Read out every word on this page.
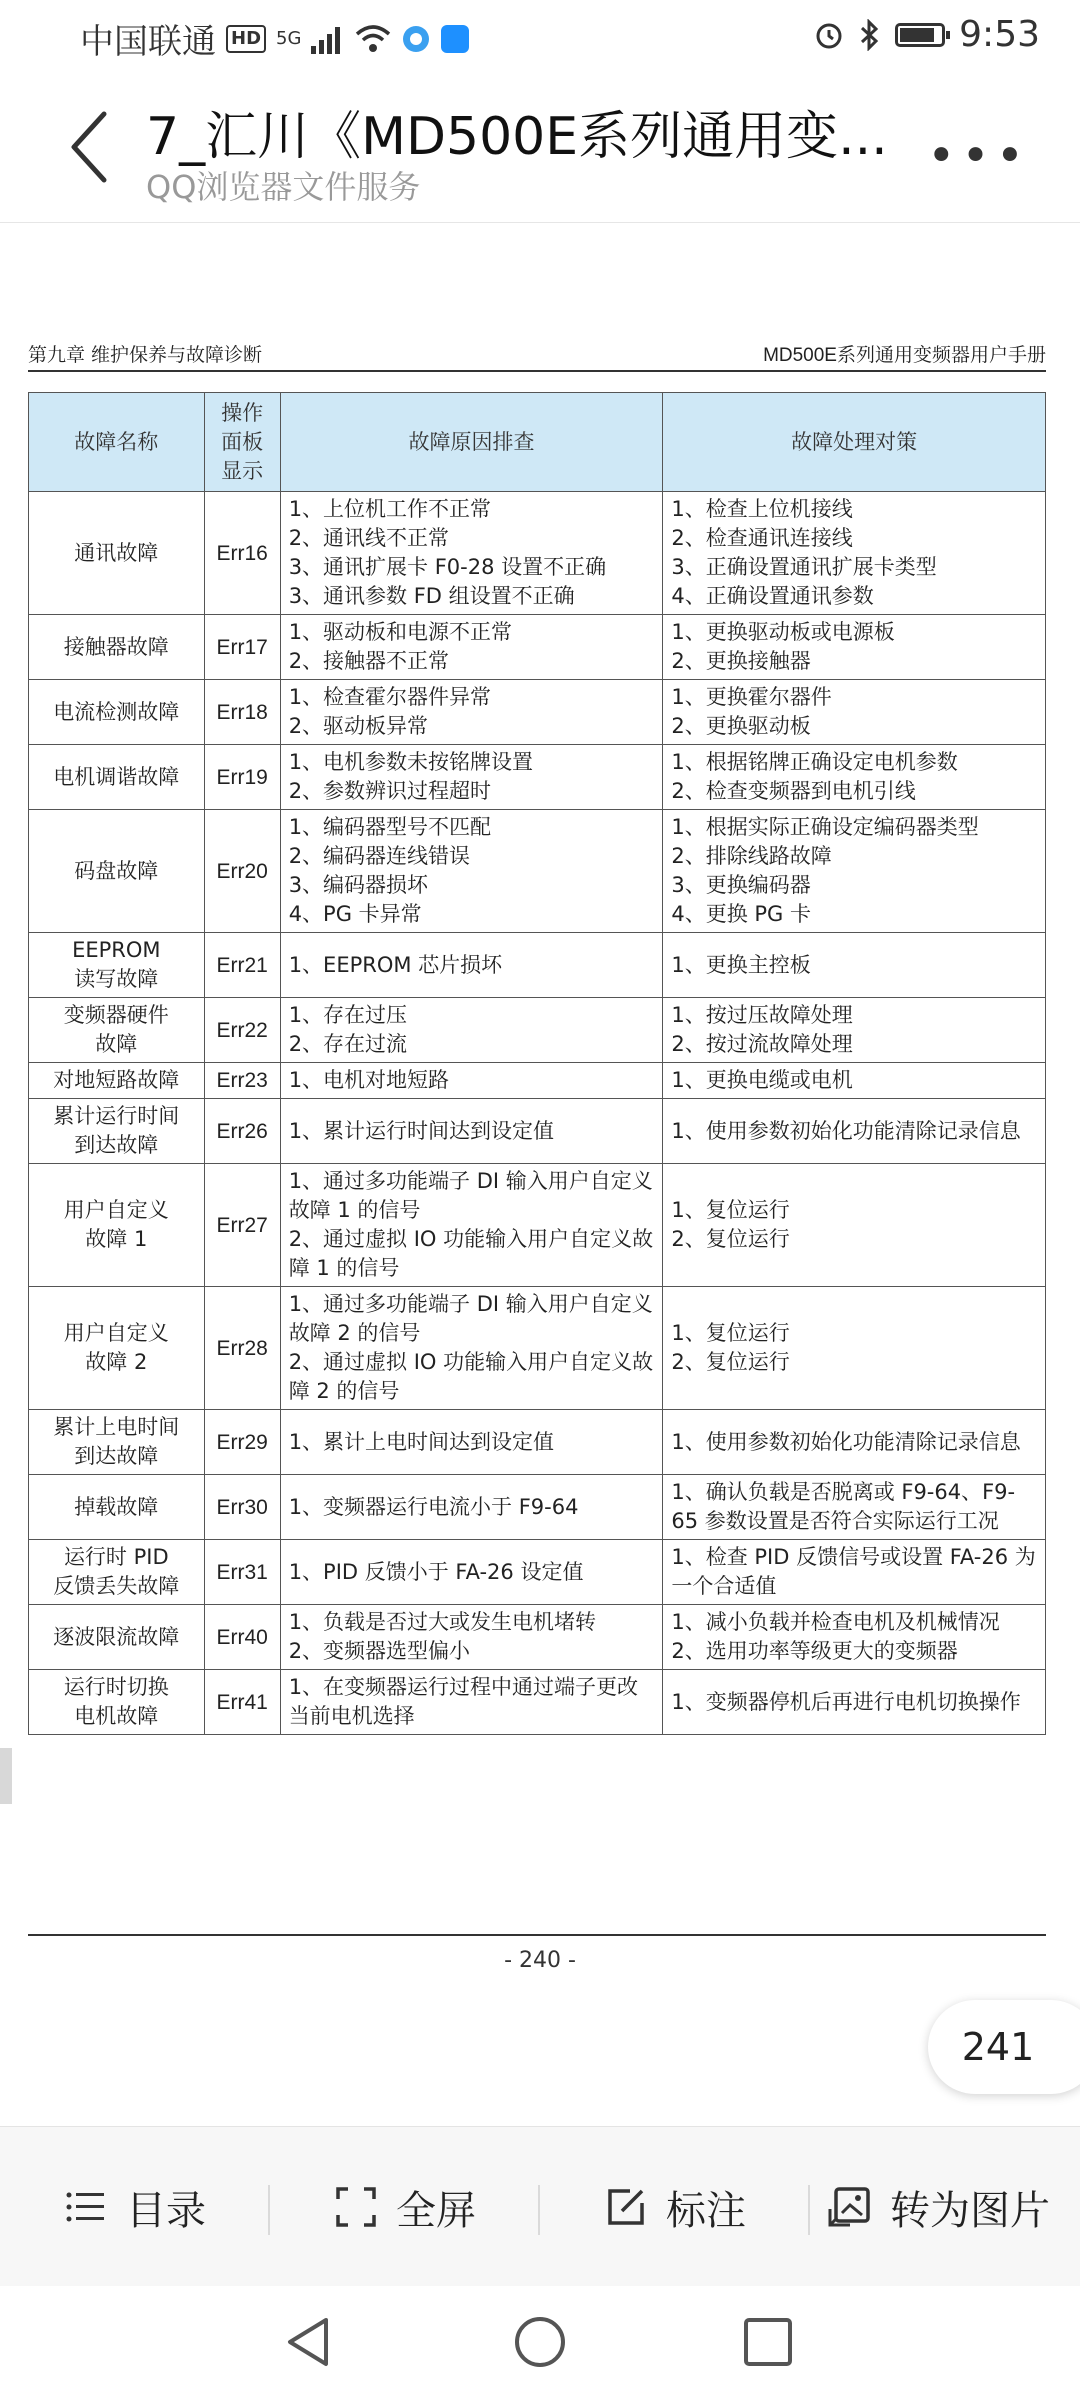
中国联通 HD 5G	9:53
7_汇川《MD500E系列通用变...
QQ浏览器文件服务
•••
第九章 维护保养与故障诊断	MD500E系列通用变频器用户手册
故障名称	操作
面板
显示	故障原因排查	故障处理对策

通讯故障	Err16	1、上位机工作不正常
2、通讯线不正常
3、通讯扩展卡 F0-28 设置不正确
3、通讯参数 FD 组设置不正确	1、检查上位机接线
2、检查通讯连接线
3、正确设置通讯扩展卡类型
4、正确设置通讯参数

接触器故障	Err17	1、驱动板和电源不正常
2、接触器不正常	1、更换驱动板或电源板
2、更换接触器

电流检测故障	Err18	1、检查霍尔器件异常
2、驱动板异常	1、更换霍尔器件
2、更换驱动板

电机调谐故障	Err19	1、电机参数未按铭牌设置
2、参数辨识过程超时	1、根据铭牌正确设定电机参数
2、检查变频器到电机引线

码盘故障	Err20	1、编码器型号不匹配
2、编码器连线错误
3、编码器损坏
4、PG 卡异常	1、根据实际正确设定编码器类型
2、排除线路故障
3、更换编码器
4、更换 PG 卡

EEPROM
读写故障	Err21	1、EEPROM 芯片损坏	1、更换主控板

变频器硬件
故障	Err22	1、存在过压
2、存在过流	1、按过压故障处理
2、按过流故障处理

对地短路故障	Err23	1、电机对地短路	1、更换电缆或电机

累计运行时间
到达故障	Err26	1、累计运行时间达到设定值	1、使用参数初始化功能清除记录信息

用户自定义
故障 1	Err27	1、通过多功能端子 DI 输入用户自定义故障 1 的信号
2、通过虚拟 IO 功能输入用户自定义故障 1 的信号	1、复位运行
2、复位运行

用户自定义
故障 2	Err28	1、通过多功能端子 DI 输入用户自定义故障 2 的信号
2、通过虚拟 IO 功能输入用户自定义故障 2 的信号	1、复位运行
2、复位运行

累计上电时间
到达故障	Err29	1、累计上电时间达到设定值	1、使用参数初始化功能清除记录信息

掉载故障	Err30	1、变频器运行电流小于 F9-64	1、确认负载是否脱离或 F9-64、F9-65 参数设置是否符合实际运行工况

运行时 PID
反馈丢失故障	Err31	1、PID 反馈小于 FA-26 设定值	1、检查 PID 反馈信号或设置 FA-26 为一个合适值

逐波限流故障	Err40	1、负载是否过大或发生电机堵转
2、变频器选型偏小	1、减小负载并检查电机及机械情况
2、选用功率等级更大的变频器

运行时切换
电机故障	Err41	1、在变频器运行过程中通过端子更改当前电机选择	1、变频器停机后再进行电机切换操作
- 240 -
241
目录	全屏	标注	转为图片
